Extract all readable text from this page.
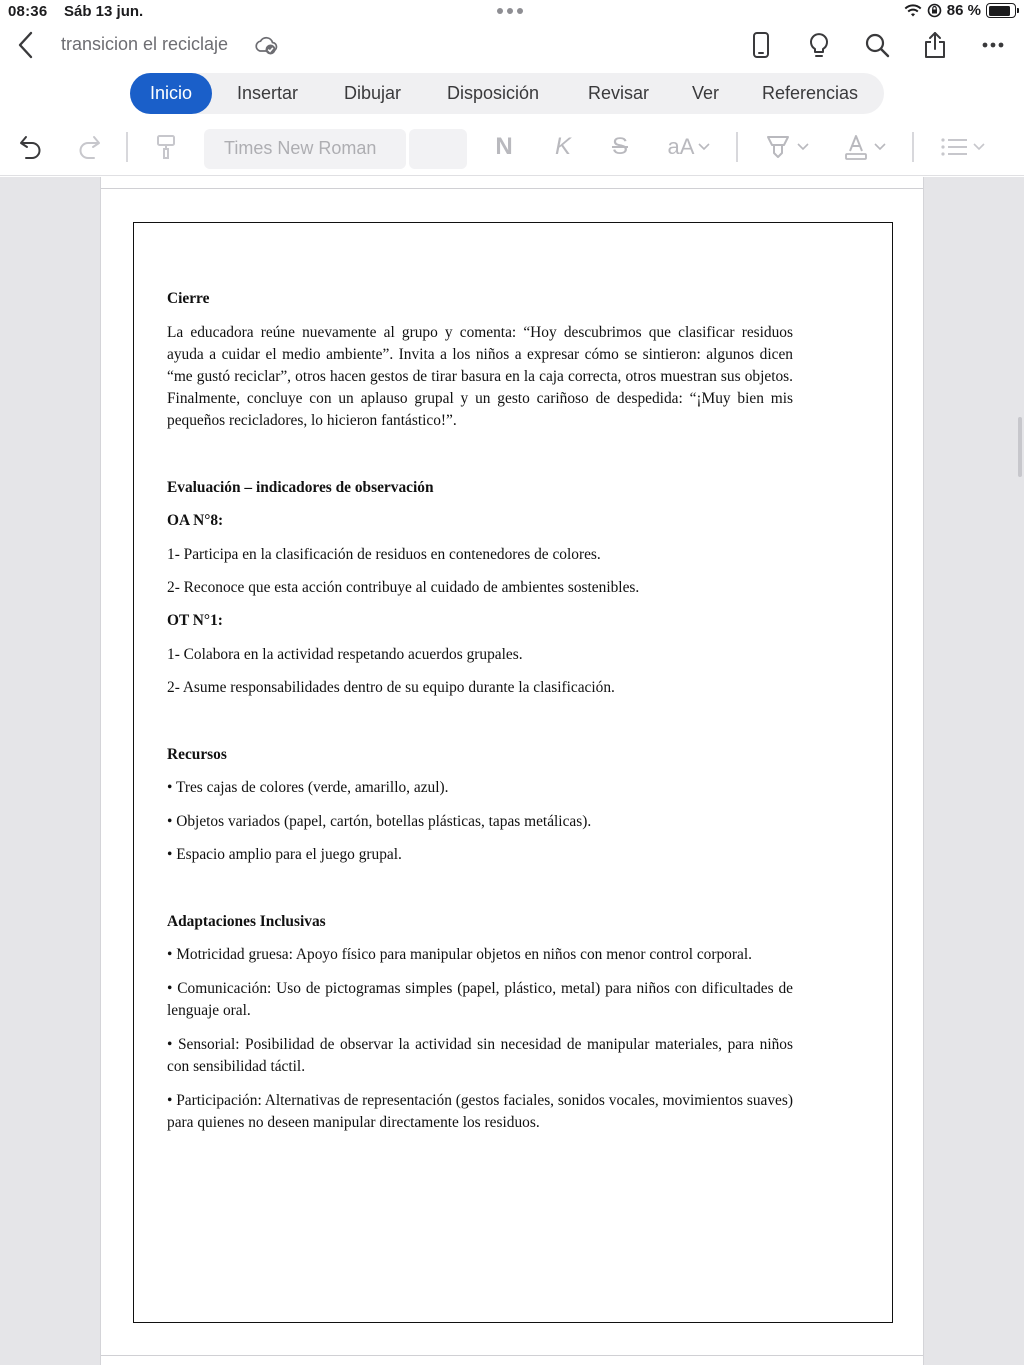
08:36 Sáb 13 jun.	86 %
transicion el reciclaje
Inicio	Insertar	Dibujar	Disposición	Revisar Ver Referencias
Times New Roman	N K S aA

Cierre

La educadora reúne nuevamente al grupo y comenta: “Hoy descubrimos que clasificar residuos ayuda a cuidar el medio ambiente”. Invita a los niños a expresar cómo se sintieron: algunos dicen “me gustó reciclar”, otros hacen gestos de tirar basura en la caja correcta, otros muestran sus objetos. Finalmente, concluye con un aplauso grupal y un gesto cariñoso de despedida: “¡Muy bien mis pequeños recicladores, lo hicieron fantástico!”.

Evaluación – indicadores de observación

OA N°8:

1- Participa en la clasificación de residuos en contenedores de colores.

2- Reconoce que esta acción contribuye al cuidado de ambientes sostenibles.

OT N°1:

1- Colabora en la actividad respetando acuerdos grupales.

2- Asume responsabilidades dentro de su equipo durante la clasificación.

Recursos

• Tres cajas de colores (verde, amarillo, azul).

• Objetos variados (papel, cartón, botellas plásticas, tapas metálicas).

• Espacio amplio para el juego grupal.

Adaptaciones Inclusivas

• Motricidad gruesa: Apoyo físico para manipular objetos en niños con menor control corporal.

• Comunicación: Uso de pictogramas simples (papel, plástico, metal) para niños con dificultades de lenguaje oral.

• Sensorial: Posibilidad de observar la actividad sin necesidad de manipular materiales, para niños con sensibilidad táctil.

• Participación: Alternativas de representación (gestos faciales, sonidos vocales, movimientos suaves) para quienes no deseen manipular directamente los residuos.
